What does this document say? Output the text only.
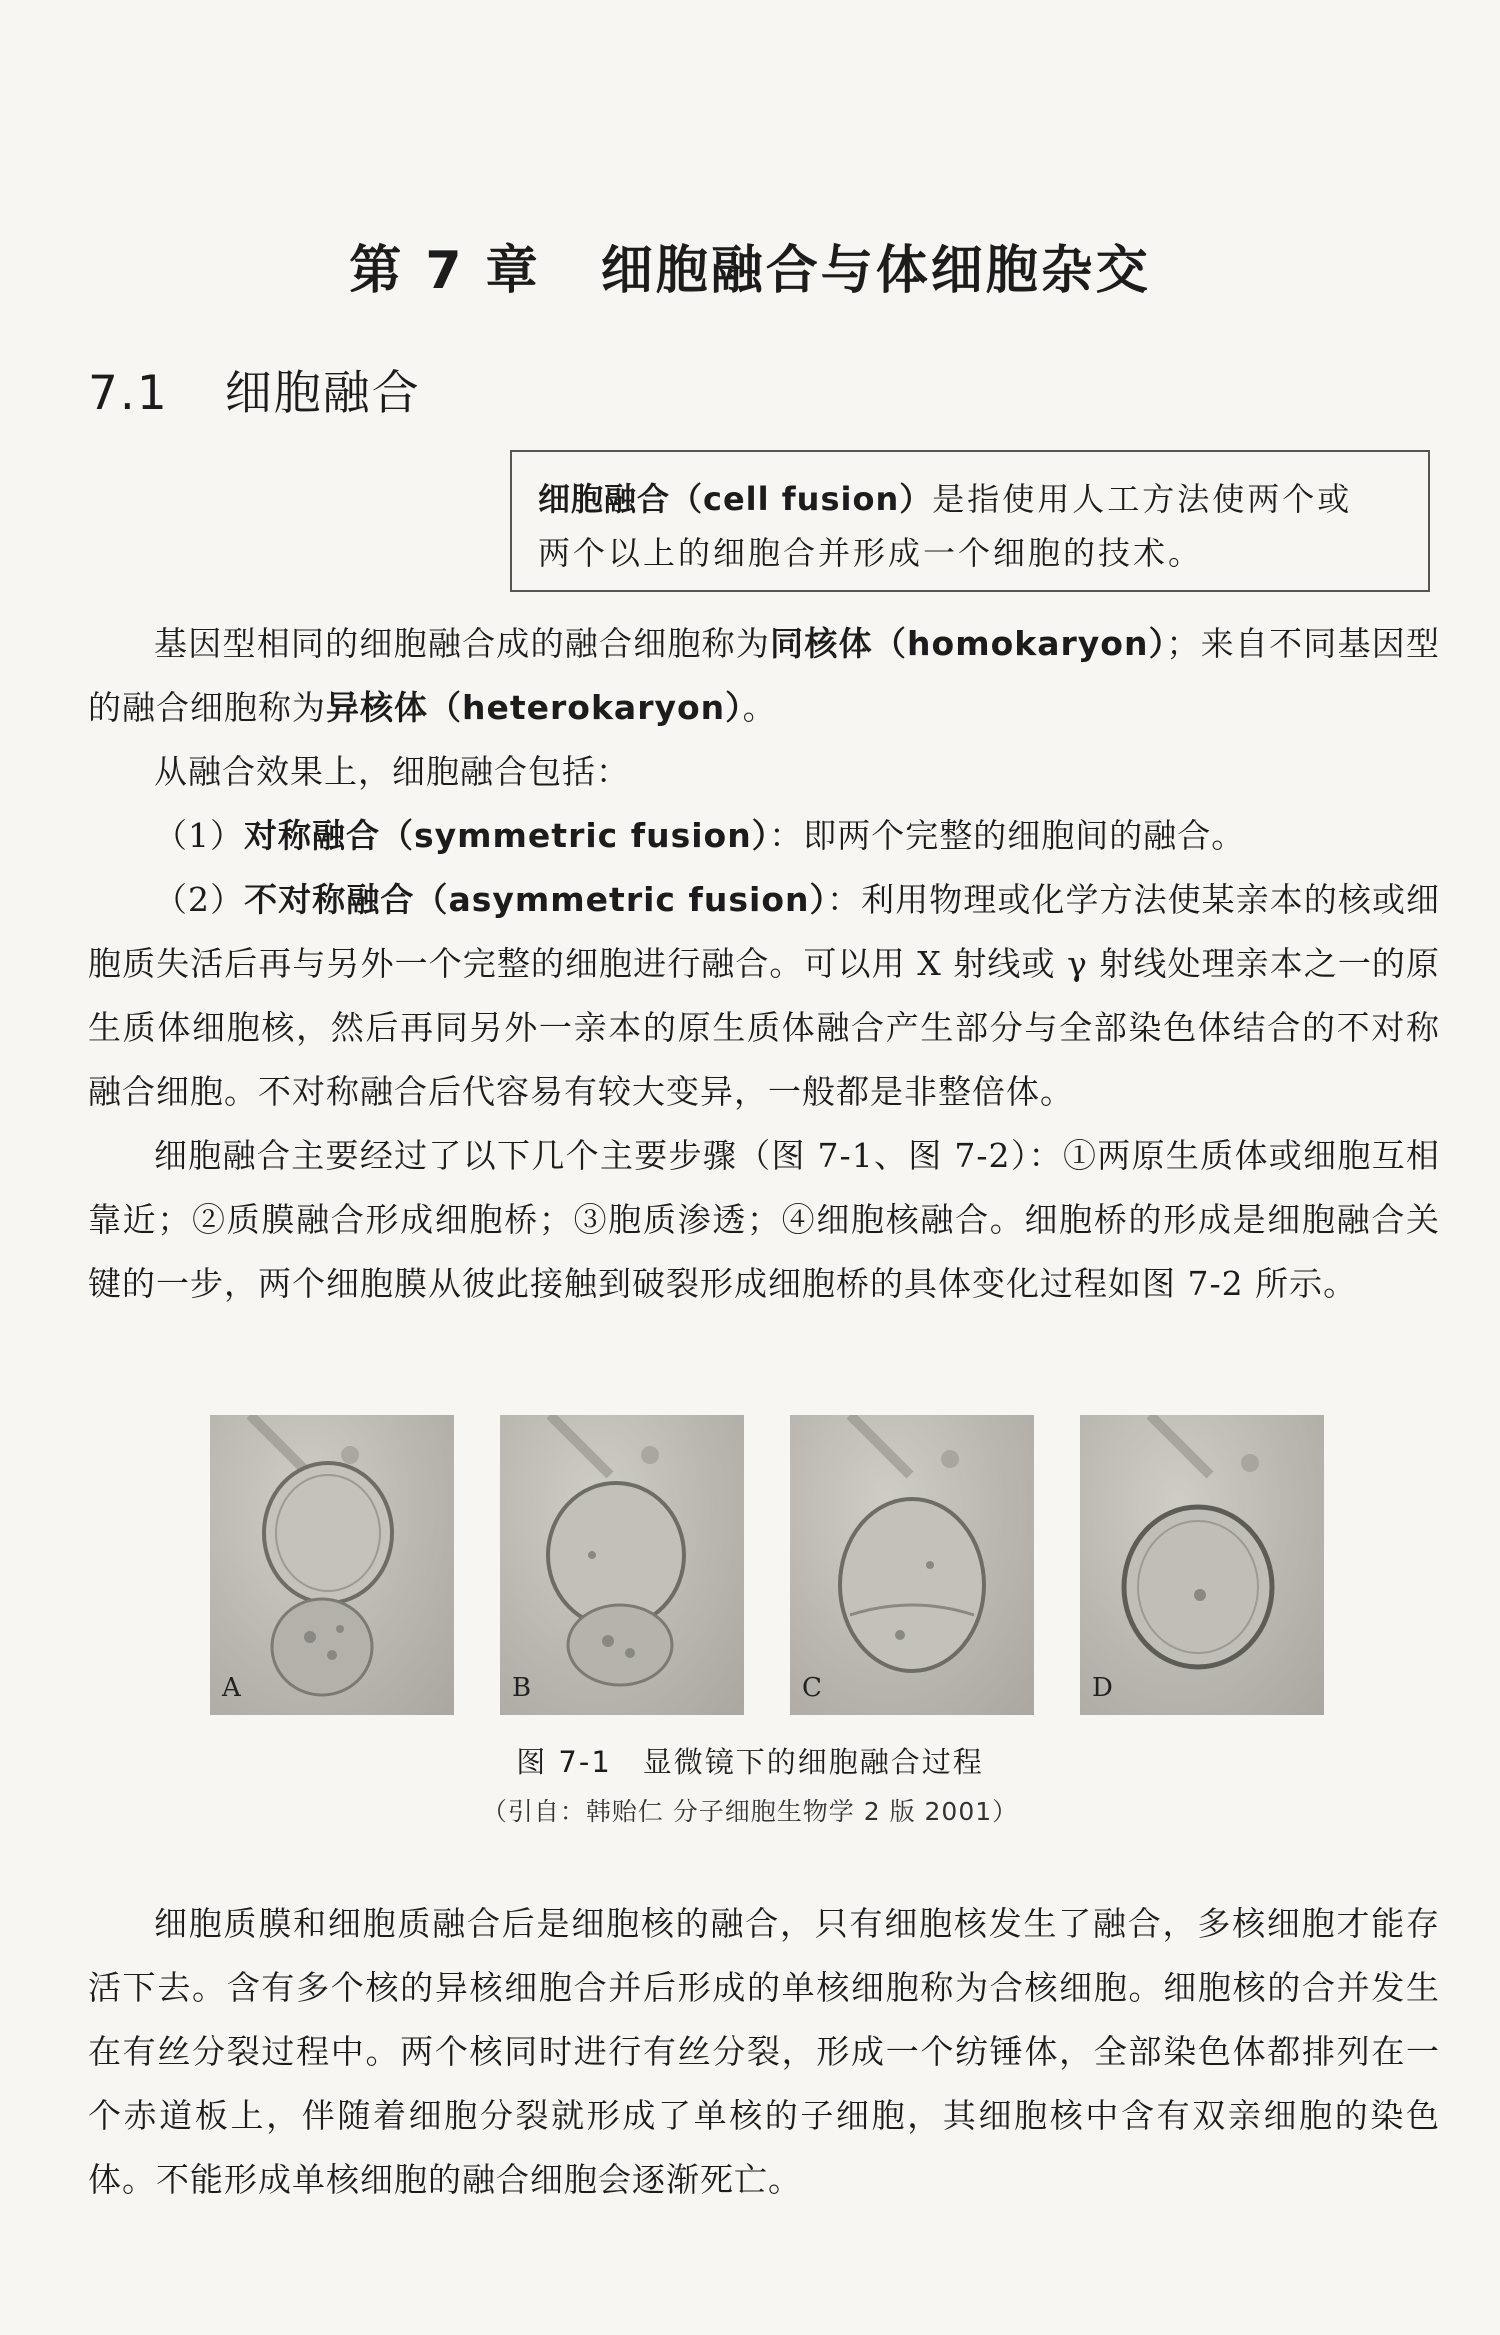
第 7 章 细胞融合与体细胞杂交
7.1 细胞融合
细胞融合（cell fusion）是指使用人工方法使两个或
两个以上的细胞合并形成一个细胞的技术。

基因型相同的细胞融合成的融合细胞称为同核体（homokaryon）；来自不同基因型的融合细胞称为异核体（heterokaryon）。

从融合效果上，细胞融合包括：

（1）对称融合（symmetric fusion）：即两个完整的细胞间的融合。

（2）不对称融合（asymmetric fusion）：利用物理或化学方法使某亲本的核或细胞质失活后再与另外一个完整的细胞进行融合。可以用 X 射线或 γ 射线处理亲本之一的原生质体细胞核，然后再同另外一亲本的原生质体融合产生部分与全部染色体结合的不对称融合细胞。不对称融合后代容易有较大变异，一般都是非整倍体。

细胞融合主要经过了以下几个主要步骤（图 7-1、图 7-2）：①两原生质体或细胞互相靠近；②质膜融合形成细胞桥；③胞质渗透；④细胞核融合。细胞桥的形成是细胞融合关键的一步，两个细胞膜从彼此接触到破裂形成细胞桥的具体变化过程如图 7-2 所示。

A	B	C	D
图 7-1　显微镜下的细胞融合过程
（引自：韩贻仁 分子细胞生物学 2 版 2001）

细胞质膜和细胞质融合后是细胞核的融合，只有细胞核发生了融合，多核细胞才能存活下去。含有多个核的异核细胞合并后形成的单核细胞称为合核细胞。细胞核的合并发生在有丝分裂过程中。两个核同时进行有丝分裂，形成一个纺锤体，全部染色体都排列在一个赤道板上，伴随着细胞分裂就形成了单核的子细胞，其细胞核中含有双亲细胞的染色体。不能形成单核细胞的融合细胞会逐渐死亡。
